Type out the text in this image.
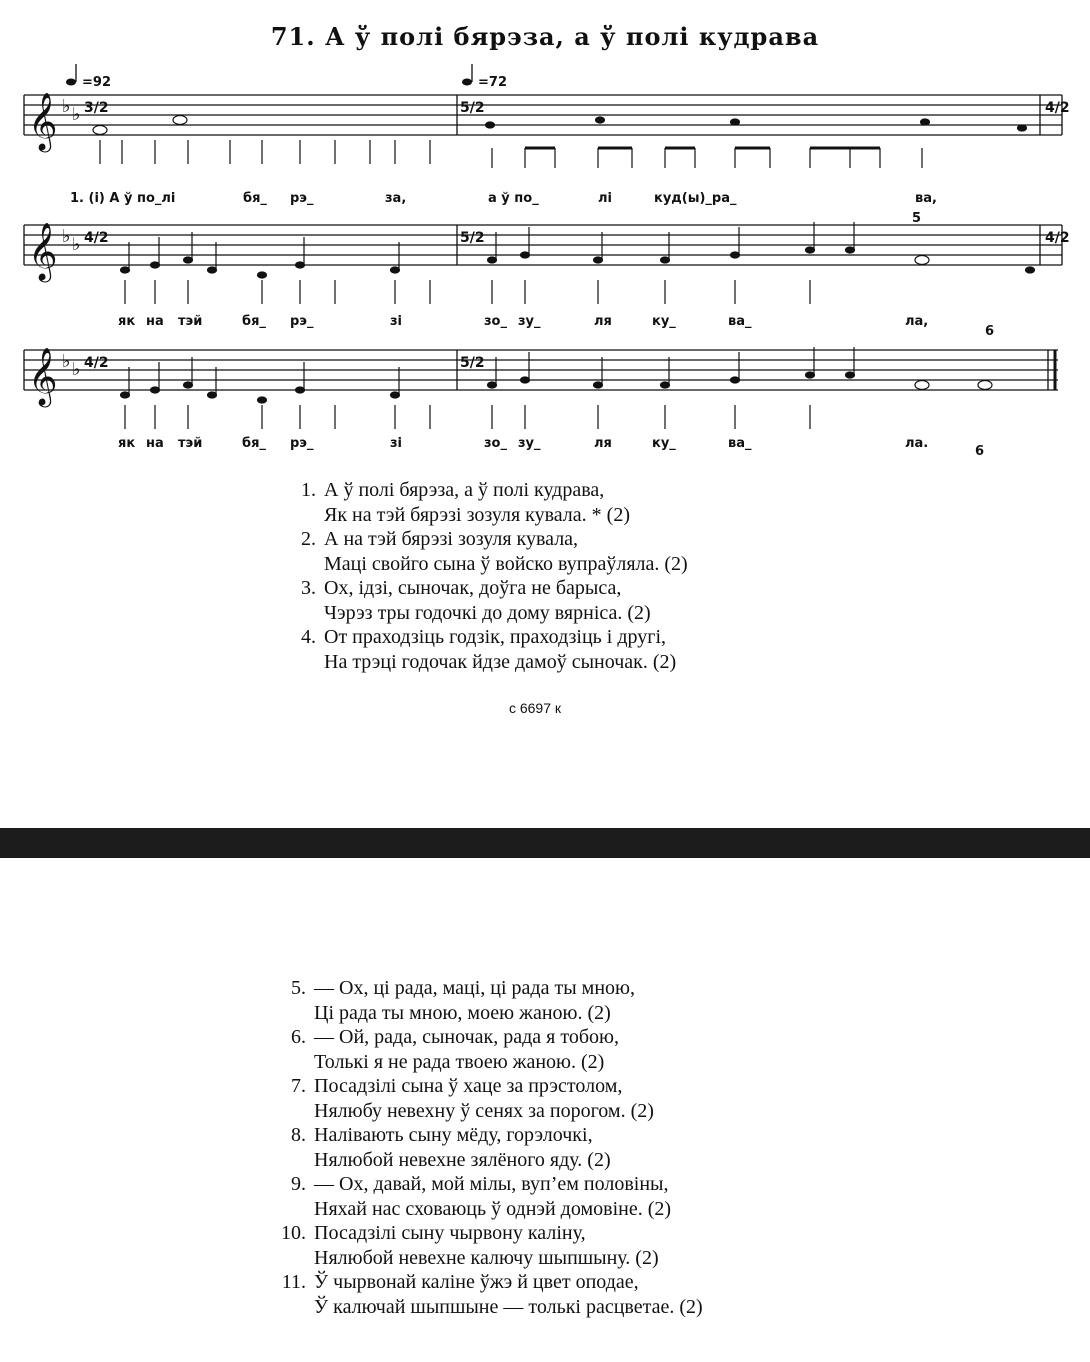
71. А ў полі бярэза, а ў полі кудрава
𝄞
𝄞
𝄞
♭ ♭
♭ ♭
♭ ♭
3/2	5/2	4/2
4/2	5/2	4/2
4/2	5/2
=92	=72
5
6
6
1. (і) А ў по_лі	бя_ рэ_	за,	а ў по_	лі	куд(ы)_ра_	ва,
як на тэй	бя_ рэ_	зі	зо_ зу_	ля	ку_	ва_	ла,
як на тэй	бя_ рэ_	зі	зо_ зу_	ля	ку_	ва_	ла.
1. А ў полі бярэза, а ў полі кудрава,
Як на тэй бярэзі зозуля кувала. * (2)
2. А на тэй бярэзі зозуля кувала,
Маці свойго сына ў войско вупраўляла. (2)
3. Ох, ідзі, сыночак, доўга не барыса,
Чэрэз тры годочкі до дому вярніса. (2)
4. От праходзіць годзік, праходзіць і другі,
На трэці годочак йдзе дамоў сыночак. (2)
с 6697 к
5. — Ох, ці рада, маці, ці рада ты мною,
Ці рада ты мною, моею жаною. (2)
6. — Ой, рада, сыночак, рада я тобою,
Толькі я не рада твоею жаною. (2)
7. Посадзілі сына ў хаце за прэстолом,
Нялюбу невехну ў сенях за порогом. (2)
8. Налівають сыну мёду, горэлочкі,
Нялюбой невехне зялёного яду. (2)
9. — Ох, давай, мой мілы, вуп’ем половіны,
Няхай нас сховаюць ў однэй домовіне. (2)
10. Посадзілі сыну чырвону каліну,
Нялюбой невехне калючу шыпшыну. (2)
11. Ў чырвонай каліне ўжэ й цвет оподае,
Ў калючай шыпшыне — толькі расцветае. (2)
